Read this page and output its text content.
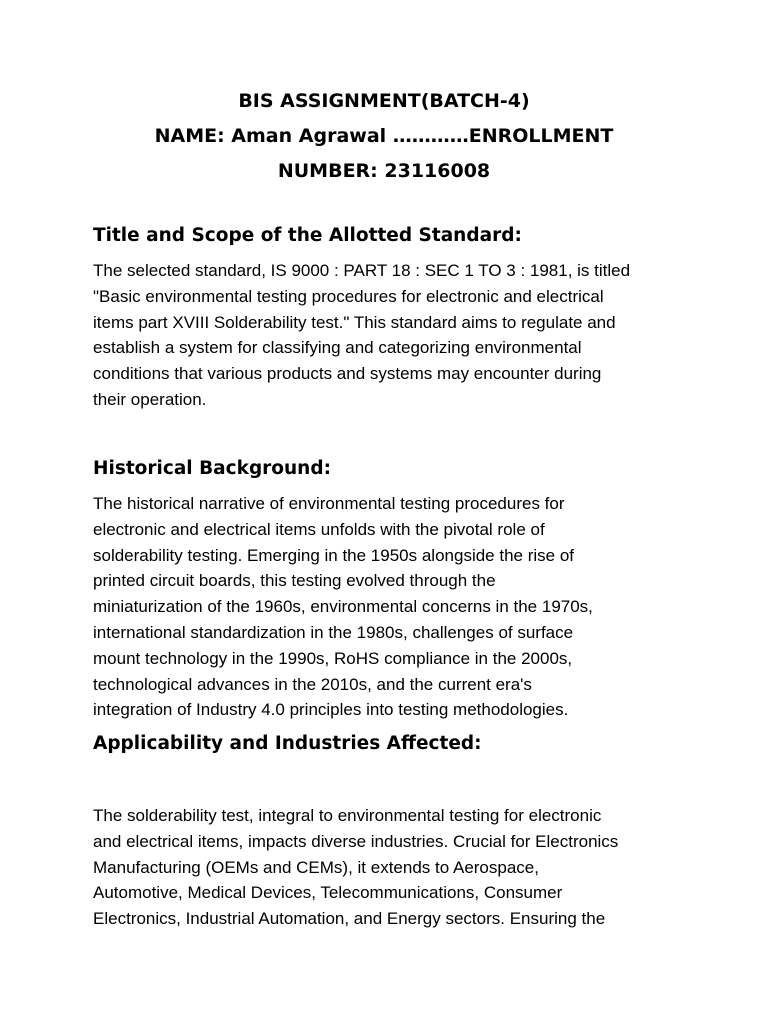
BIS ASSIGNMENT(BATCH-4)
NAME: Aman Agrawal …………ENROLLMENT
NUMBER: 23116008
Title and Scope of the Allotted Standard:
The selected standard, IS 9000 : PART 18 : SEC 1 TO 3 : 1981, is titled
"Basic environmental testing procedures for electronic and electrical
items part XVIII Solderability test." This standard aims to regulate and
establish a system for classifying and categorizing environmental
conditions that various products and systems may encounter during
their operation.
Historical Background:
The historical narrative of environmental testing procedures for
electronic and electrical items unfolds with the pivotal role of
solderability testing. Emerging in the 1950s alongside the rise of
printed circuit boards, this testing evolved through the
miniaturization of the 1960s, environmental concerns in the 1970s,
international standardization in the 1980s, challenges of surface
mount technology in the 1990s, RoHS compliance in the 2000s,
technological advances in the 2010s, and the current era's
integration of Industry 4.0 principles into testing methodologies.
Applicability and Industries Affected:
The solderability test, integral to environmental testing for electronic
and electrical items, impacts diverse industries. Crucial for Electronics
Manufacturing (OEMs and CEMs), it extends to Aerospace,
Automotive, Medical Devices, Telecommunications, Consumer
Electronics, Industrial Automation, and Energy sectors. Ensuring the
